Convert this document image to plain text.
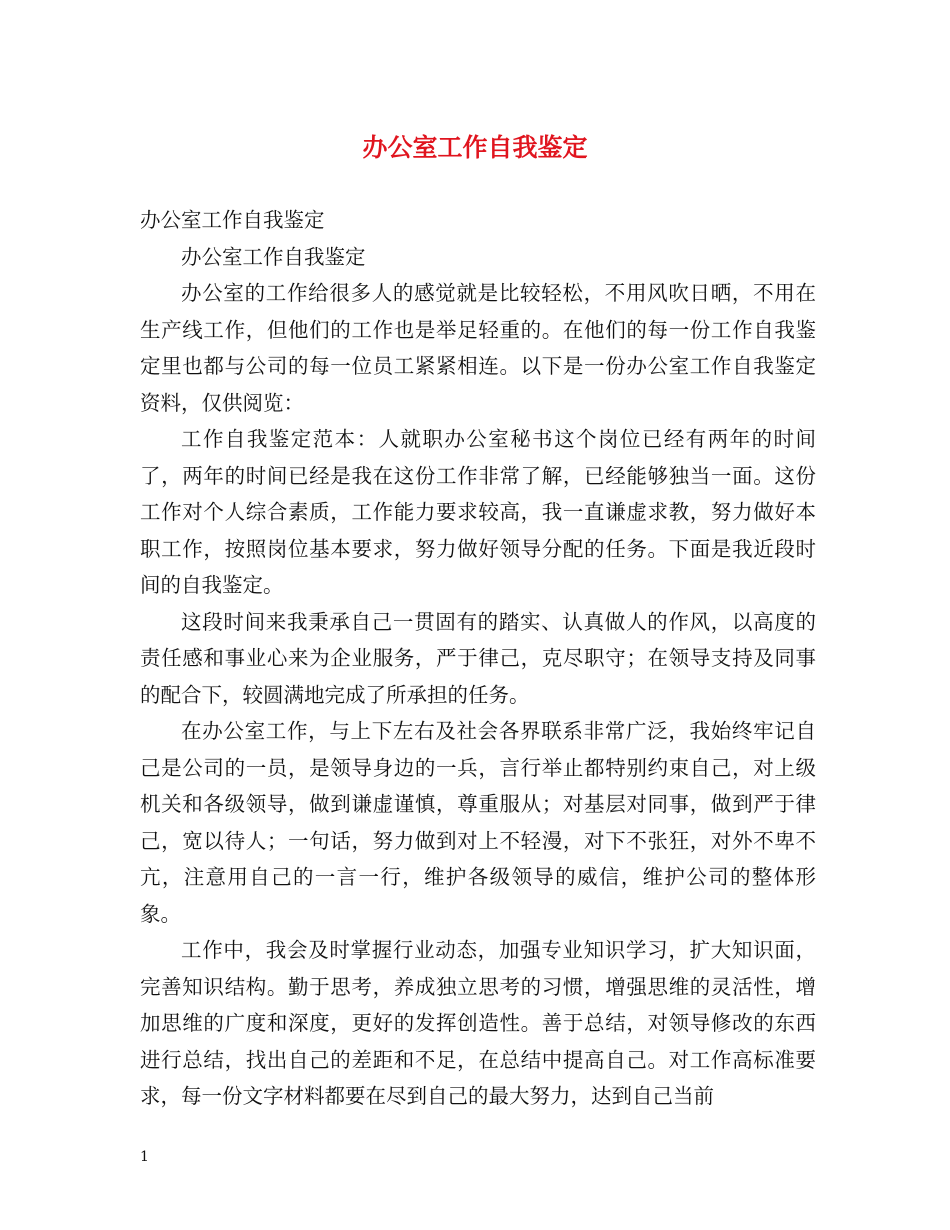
办公室工作自我鉴定

办公室工作自我鉴定

办公室工作自我鉴定

办公室的工作给很多人的感觉就是比较轻松，不用风吹日晒，不用在生产线工作，但他们的工作也是举足轻重的。在他们的每一份工作自我鉴定里也都与公司的每一位员工紧紧相连。以下是一份办公室工作自我鉴定资料，仅供阅览：

工作自我鉴定范本：人就职办公室秘书这个岗位已经有两年的时间了，两年的时间已经是我在这份工作非常了解，已经能够独当一面。这份工作对个人综合素质，工作能力要求较高，我一直谦虚求教，努力做好本职工作，按照岗位基本要求，努力做好领导分配的任务。下面是我近段时间的自我鉴定。

这段时间来我秉承自己一贯固有的踏实、认真做人的作风，以高度的责任感和事业心来为企业服务，严于律己，克尽职守；在领导支持及同事的配合下，较圆满地完成了所承担的任务。

在办公室工作，与上下左右及社会各界联系非常广泛，我始终牢记自己是公司的一员，是领导身边的一兵，言行举止都特别约束自己，对上级机关和各级领导，做到谦虚谨慎，尊重服从；对基层对同事，做到严于律己，宽以待人；一句话，努力做到对上不轻漫，对下不张狂，对外不卑不亢，注意用自己的一言一行，维护各级领导的威信，维护公司的整体形象。

工作中，我会及时掌握行业动态，加强专业知识学习，扩大知识面，完善知识结构。勤于思考，养成独立思考的习惯，增强思维的灵活性，增加思维的广度和深度，更好的发挥创造性。善于总结，对领导修改的东西进行总结，找出自己的差距和不足，在总结中提高自己。对工作高标准要求，每一份文字材料都要在尽到自己的最大努力，达到自己当前

1
